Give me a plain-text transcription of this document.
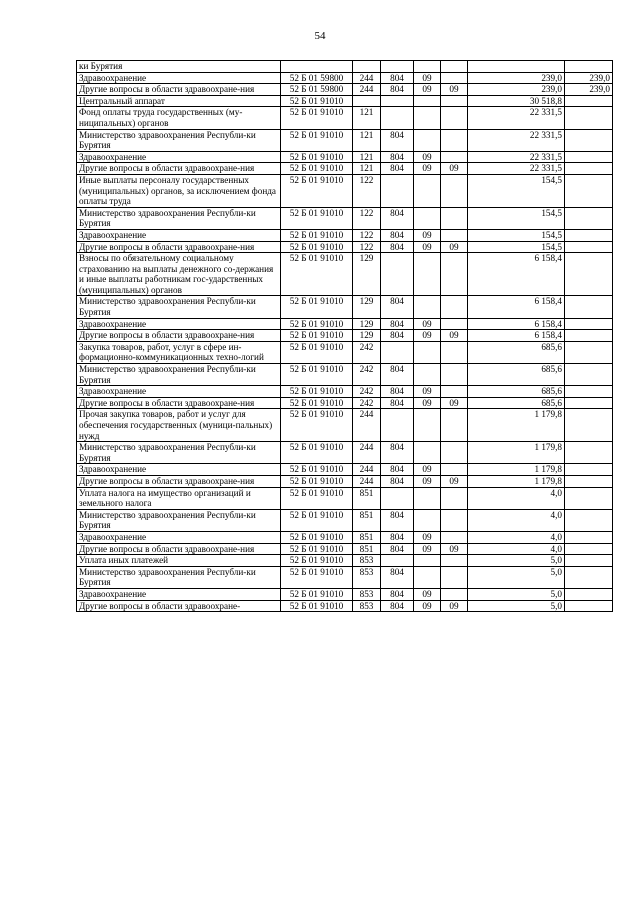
54
ки Бурятия							
Здравоохранение	52 Б 01 59800	244	804	09		239,0	239,0
Другие вопросы в области здравоохране-ния	52 Б 01 59800	244	804	09	09	239,0	239,0
Центральный аппарат	52 Б 01 91010					30 518,8	
Фонд оплаты труда государственных (му-ниципальных) органов	52 Б 01 91010	121				22 331,5	
Министерство здравоохранения Республи-ки Бурятия	52 Б 01 91010	121	804			22 331,5	
Здравоохранение	52 Б 01 91010	121	804	09		22 331,5	
Другие вопросы в области здравоохране-ния	52 Б 01 91010	121	804	09	09	22 331,5	
Иные выплаты персоналу государственных (муниципальных) органов, за исключением фонда оплаты труда	52 Б 01 91010	122				154,5	
Министерство здравоохранения Республи-ки Бурятия	52 Б 01 91010	122	804			154,5	
Здравоохранение	52 Б 01 91010	122	804	09		154,5	
Другие вопросы в области здравоохране-ния	52 Б 01 91010	122	804	09	09	154,5	
Взносы по обязательному социальному страхованию на выплаты денежного со-держания и иные выплаты работникам гос-ударственных (муниципальных) органов	52 Б 01 91010	129				6 158,4	
Министерство здравоохранения Республи-ки Бурятия	52 Б 01 91010	129	804			6 158,4	
Здравоохранение	52 Б 01 91010	129	804	09		6 158,4	
Другие вопросы в области здравоохране-ния	52 Б 01 91010	129	804	09	09	6 158,4	
Закупка товаров, работ, услуг в сфере ин-формационно-коммуникационных техно-логий	52 Б 01 91010	242				685,6	
Министерство здравоохранения Республи-ки Бурятия	52 Б 01 91010	242	804			685,6	
Здравоохранение	52 Б 01 91010	242	804	09		685,6	
Другие вопросы в области здравоохране-ния	52 Б 01 91010	242	804	09	09	685,6	
Прочая закупка товаров, работ и услуг для обеспечения государственных (муници-пальных) нужд	52 Б 01 91010	244				1 179,8	
Министерство здравоохранения Республи-ки Бурятия	52 Б 01 91010	244	804			1 179,8	
Здравоохранение	52 Б 01 91010	244	804	09		1 179,8	
Другие вопросы в области здравоохране-ния	52 Б 01 91010	244	804	09	09	1 179,8	
Уплата налога на имущество организаций и земельного налога	52 Б 01 91010	851				4,0	
Министерство здравоохранения Республи-ки Бурятия	52 Б 01 91010	851	804			4,0	
Здравоохранение	52 Б 01 91010	851	804	09		4,0	
Другие вопросы в области здравоохране-ния	52 Б 01 91010	851	804	09	09	4,0	
Уплата иных платежей	52 Б 01 91010	853				5,0	
Министерство здравоохранения Республи-ки Бурятия	52 Б 01 91010	853	804			5,0	
Здравоохранение	52 Б 01 91010	853	804	09		5,0	
Другие вопросы в области здравоохране-	52 Б 01 91010	853	804	09	09	5,0	
